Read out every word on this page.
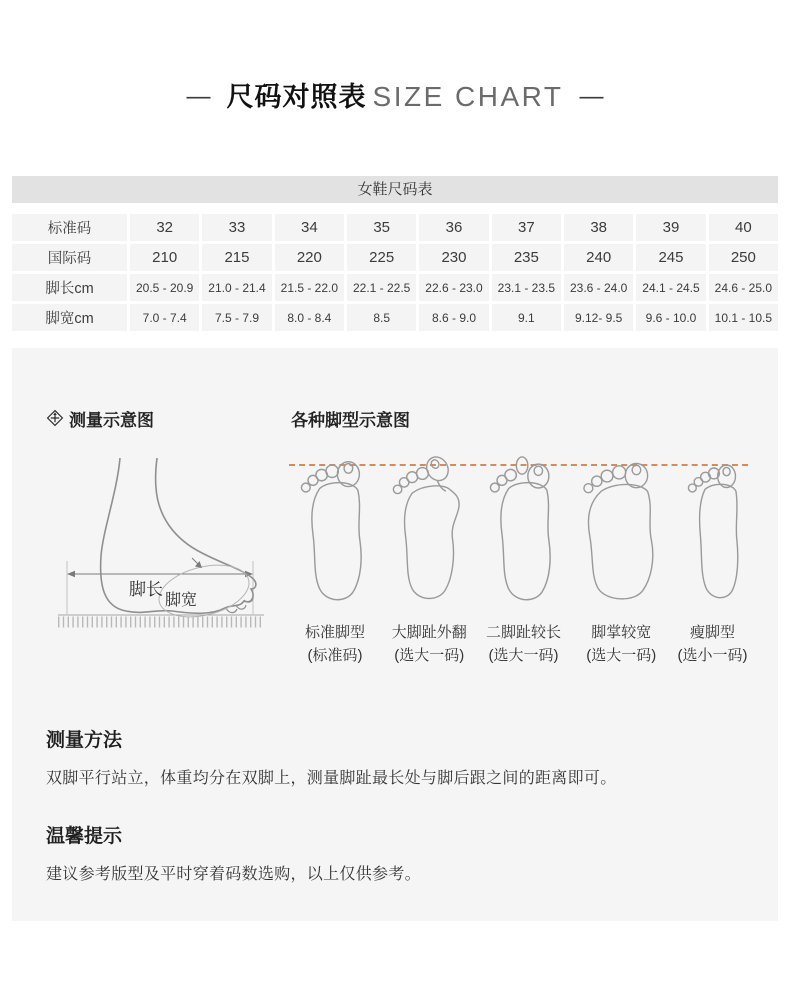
— 尺码对照表 SIZE CHART —
女鞋尺码表
标准码	32	33	34	35	36	37	38	39	40
国际码	210	215	220	225	230	235	240	245	250
脚长cm	20.5 - 20.9	21.0 - 21.4	21.5 - 22.0	22.1 - 22.5	22.6 - 23.0	23.1 - 23.5	23.6 - 24.0	24.1 - 24.5	24.6 - 25.0
脚宽cm	7.0 - 7.4	7.5 - 7.9	8.0 - 8.4	8.5	8.6 - 9.0	9.1	9.12- 9.5	9.6 - 10.0	10.1 - 10.5
测量示意图
脚长
脚宽
各种脚型示意图
标准脚型
(标准码)
大脚趾外翻
(选大一码)
二脚趾较长
(选大一码)
脚掌较宽
(选大一码)
瘦脚型
(选小一码)
测量方法
双脚平行站立，体重均分在双脚上，测量脚趾最长处与脚后跟之间的距离即可。
温馨提示
建议参考版型及平时穿着码数选购，以上仅供参考。
